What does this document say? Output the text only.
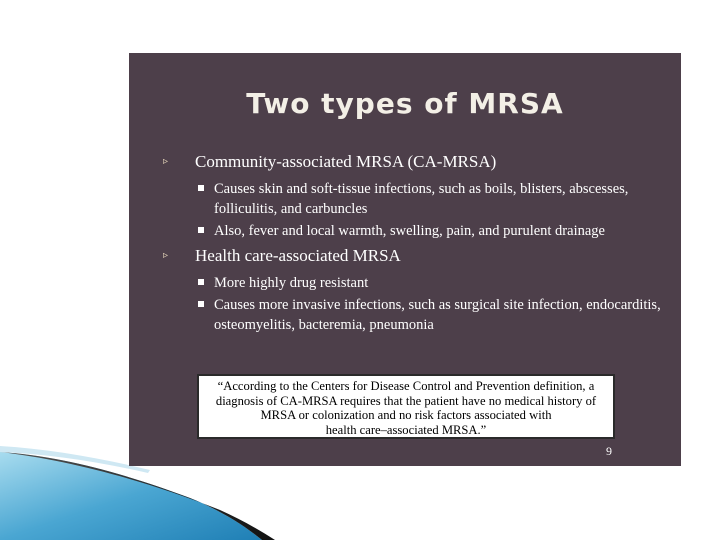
Two types of MRSA
▹ Community-associated MRSA (CA-MRSA)
Causes skin and soft-tissue infections, such as boils, blisters, abscesses, folliculitis, and carbuncles
Also, fever and local warmth, swelling, pain, and purulent drainage
▹ Health care-associated MRSA
More highly drug resistant
Causes more invasive infections, such as surgical site infection, endocarditis, osteomyelitis, bacteremia, pneumonia
“According to the Centers for Disease Control and Prevention definition, a
diagnosis of CA-MRSA requires that the patient have no medical history of
MRSA or colonization and no risk factors associated with
health care–associated MRSA.”
9
